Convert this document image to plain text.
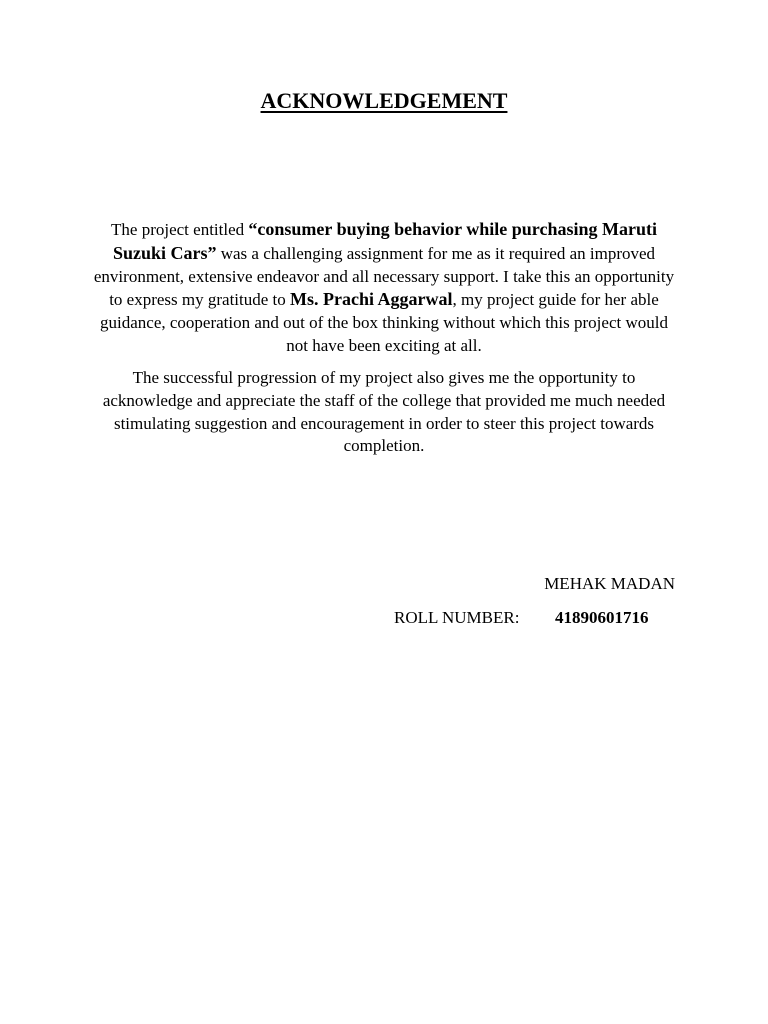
ACKNOWLEDGEMENT

The project entitled “consumer buying behavior while purchasing Maruti Suzuki Cars” was a challenging assignment for me as it required an improved environment, extensive endeavor and all necessary support. I take this an opportunity to express my gratitude to Ms. Prachi Aggarwal, my project guide for her able guidance, cooperation and out of the box thinking without which this project would not have been exciting at all.

The successful progression of my project also gives me the opportunity to acknowledge and appreciate the staff of the college that provided me much needed stimulating suggestion and encouragement in order to steer this project towards completion.

MEHAK MADAN
ROLL NUMBER: 41890601716
